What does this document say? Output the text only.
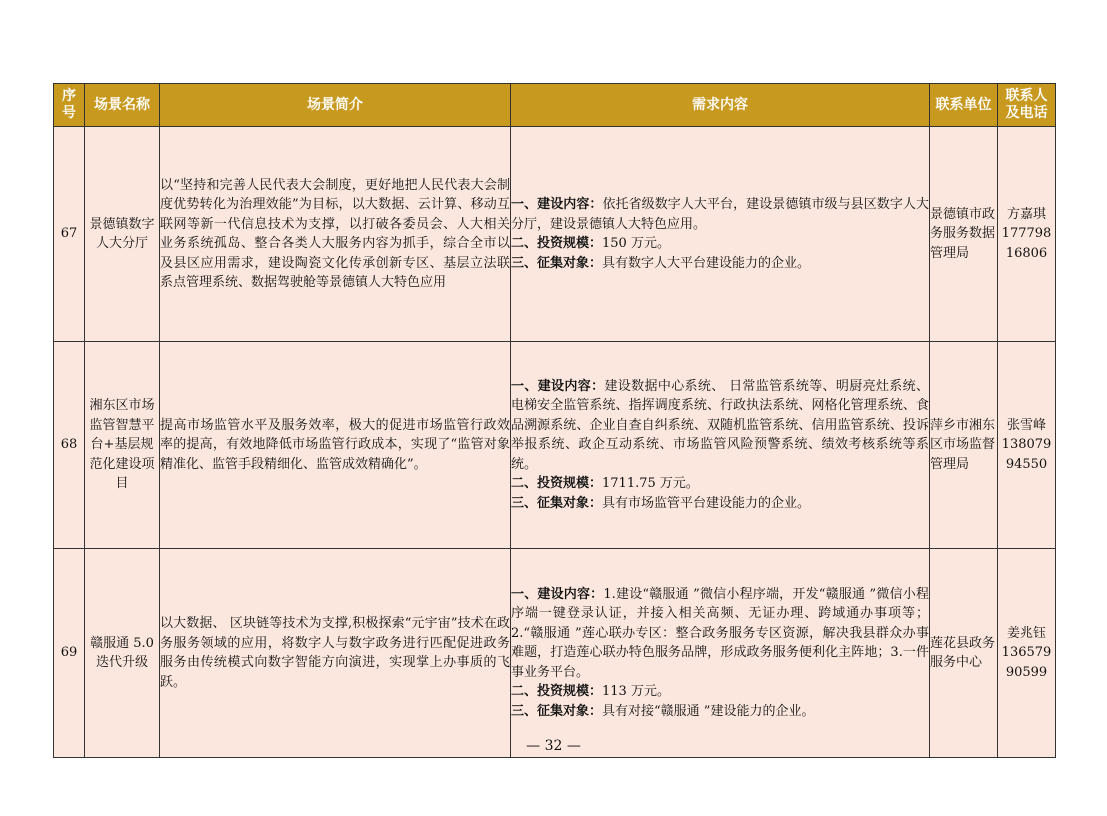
序号	场景名称	场景简介	需求内容	联系单位	联系人及电话
67	景德镇数字人大分厅	以“坚持和完善人民代表大会制度，更好地把人民代表大会制度优势转化为治理效能”为目标，以大数据、云计算、移动互联网等新一代信息技术为支撑，以打破各委员会、人大相关业务系统孤岛、整合各类人大服务内容为抓手，综合全市以及县区应用需求，建设陶瓷文化传承创新专区、基层立法联系点管理系统、数据驾驶舱等景德镇人大特色应用	一、建设内容：依托省级数字人大平台，建设景德镇市级与县区数字人大分厅，建设景德镇人大特色应用。
二、投资规模：150 万元。
三、征集对象：具有数字人大平台建设能力的企业。	景德镇市政务服务数据管理局	方嘉琪
177798
16806

68	湘东区市场监管智慧平台+基层规范化建设项目	提高市场监管水平及服务效率，极大的促进市场监管行政效率的提高，有效地降低市场监管行政成本，实现了“监管对象精准化、监管手段精细化、监管成效精确化”。	一、建设内容：建设数据中心系统、 日常监管系统等、明厨亮灶系统、电梯安全监管系统、指挥调度系统、行政执法系统、网格化管理系统、食品溯源系统、企业自查自纠系统、双随机监管系统、信用监管系统、投诉举报系统、政企互动系统、市场监管风险预警系统、绩效考核系统等系统。
二、投资规模：1711.75 万元。
三、征集对象：具有市场监管平台建设能力的企业。	萍乡市湘东区市场监督管理局	张雪峰
138079
94550

69	赣服通 5.0 迭代升级	以大数据、 区块链等技术为支撑,积极探索“元宇宙”技术在政务服务领域的应用，将数字人与数字政务进行匹配促进政务服务由传统模式向数字智能方向演进，实现掌上办事质的飞跃。	一、建设内容：1.建设“赣服通 ”微信小程序端，开发“赣服通 ”微信小程序端一键登录认证，并接入相关高频、无证办理、跨域通办事项等；2.“赣服通 ”莲心联办专区：整合政务服务专区资源，解决我县群众办事难题，打造莲心联办特色服务品牌，形成政务服务便利化主阵地；3.一件事业务平台。
二、投资规模：113 万元。
三、征集对象：具有对接“赣服通 ”建设能力的企业。	莲花县政务服务中心	姜兆钰
136579
90599
— 32 —
